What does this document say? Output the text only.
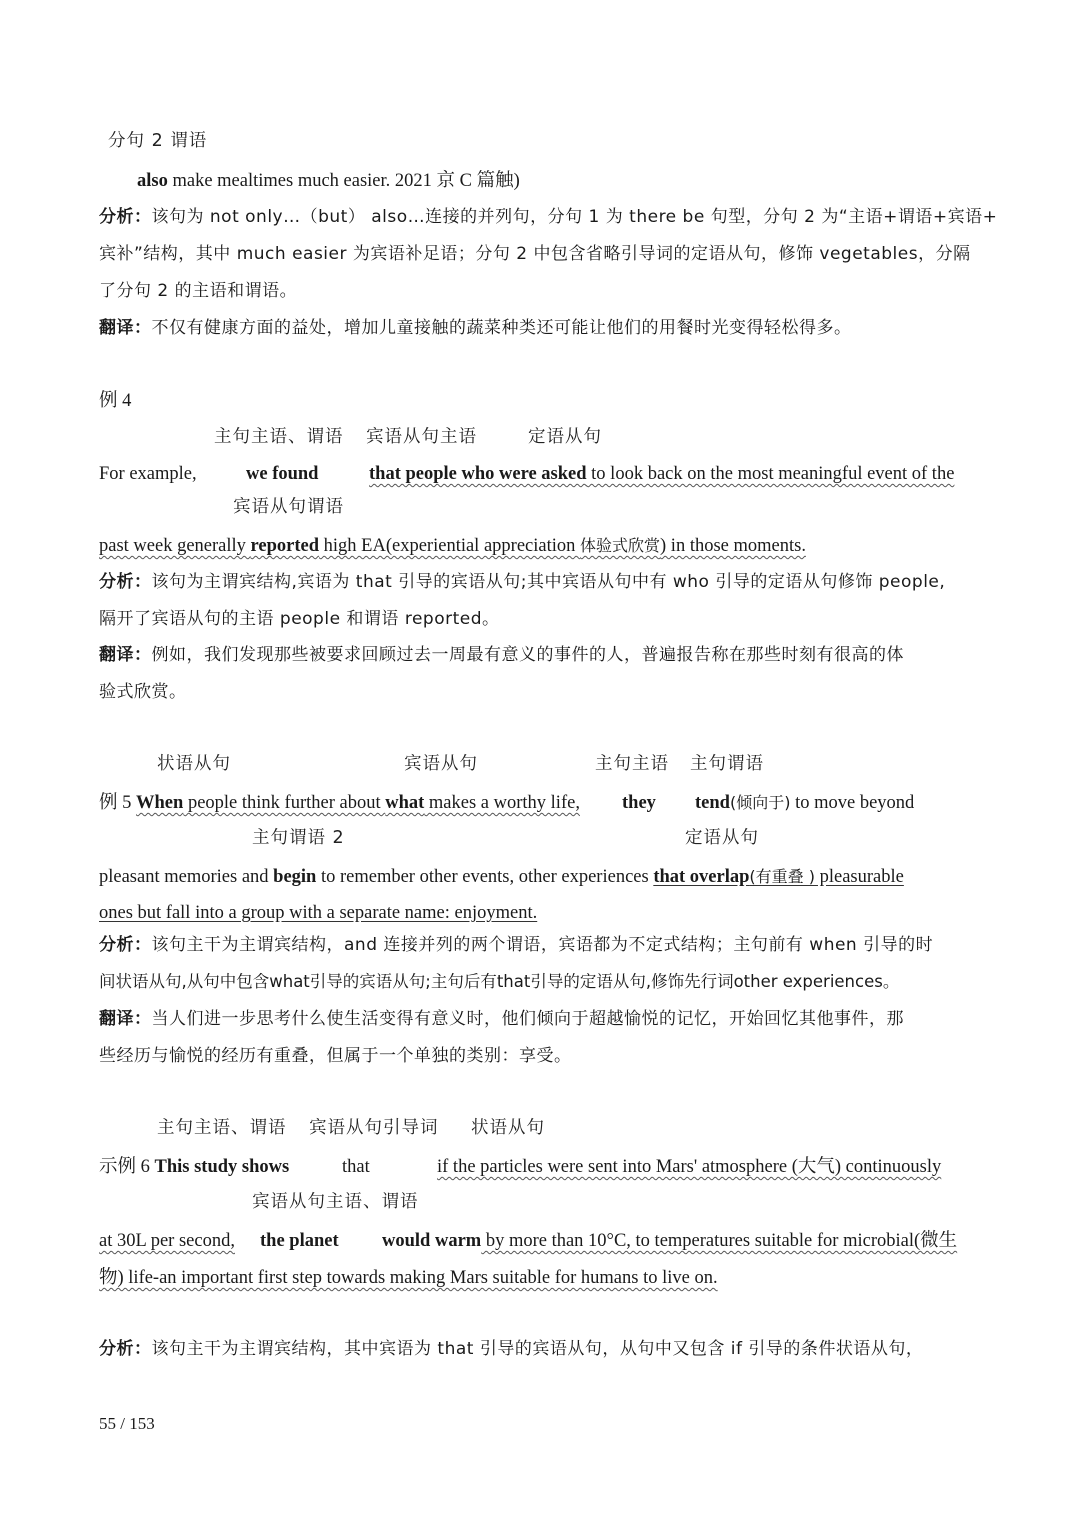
分句 2 谓语
also make mealtimes much easier. 2021 京 C 篇触)
分析：该句为 not only…（but） also…连接的并列句，分句 1 为 there be 句型，分句 2 为“主语+谓语+宾语+
宾补”结构，其中 much easier 为宾语补足语；分句 2 中包含省略引导词的定语从句，修饰 vegetables，分隔
了分句 2 的主语和谓语。
翻译：不仅有健康方面的益处，增加儿童接触的蔬菜种类还可能让他们的用餐时光变得轻松得多。
例 4
主句主语、谓语 宾语从句主语	定语从句
For example,	we found	that people who were asked to look back on the most meaningful event of the
宾语从句谓语
past week generally reported high EA(experiential appreciation 体验式欣赏) in those moments.
分析：该句为主谓宾结构,宾语为 that 引导的宾语从句;其中宾语从句中有 who 引导的定语从句修饰 people,
隔开了宾语从句的主语 people 和谓语 reported。
翻译：例如，我们发现那些被要求回顾过去一周最有意义的事件的人，普遍报告称在那些时刻有很高的体
验式欣赏。
状语从句	宾语从句	主句主语 主句谓语
例 5 When people think further about what makes a worthy life, they tend(倾向于) to move beyond
主句谓语 2	定语从句
pleasant memories and begin to remember other events, other experiences that overlap(有重叠 ) pleasurable
ones but fall into a group with a separate name: enjoyment.
分析：该句主干为主谓宾结构，and 连接并列的两个谓语，宾语都为不定式结构；主句前有 when 引导的时
间状语从句,从句中包含what引导的宾语从句;主句后有that引导的定语从句,修饰先行词other experiences。
翻译：当人们进一步思考什么使生活变得有意义时，他们倾向于超越愉悦的记忆，开始回忆其他事件，那
些经历与愉悦的经历有重叠，但属于一个单独的类别：享受。
主句主语、谓语 宾语从句引导词 状语从句
示例 6 This study shows	that	if the particles were sent into Mars' atmosphere (大气) continuously
宾语从句主语、谓语
at 30L per second, the planet would warm by more than 10°C, to temperatures suitable for microbial(微生
物) life-an important first step towards making Mars suitable for humans to live on.
分析：该句主干为主谓宾结构，其中宾语为 that 引导的宾语从句，从句中又包含 if 引导的条件状语从句，
55 / 153
